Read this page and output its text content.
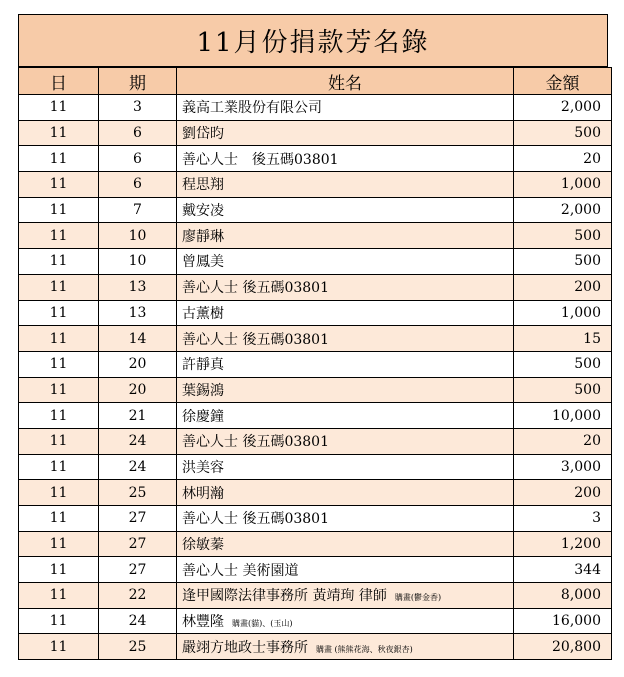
11月份捐款芳名錄
日	期	姓名	金額
11	3	義高工業股份有限公司	2,000
11	6	劉岱昀	500
11	6	善心人士　後五碼03801	20
11	6	程思翔	1,000
11	7	戴安凌	2,000
11	10	廖靜琳	500
11	10	曾鳳美	500
11	13	善心人士 後五碼03801	200
11	13	古薰樹	1,000
11	14	善心人士 後五碼03801	15
11	20	許靜真	500
11	20	葉錫鴻	500
11	21	徐慶鐘	10,000
11	24	善心人士 後五碼03801	20
11	24	洪美容	3,000
11	25	林明瀚	200
11	27	善心人士 後五碼03801	3
11	27	徐敏蓁	1,200
11	27	善心人士 美術園道	344
11	22	逢甲國際法律事務所 黃靖珣 律師 購畫(鬱金香)	8,000
11	24	林豐隆 購畫(貓)、(玉山)	16,000
11	25	嚴翊方地政士事務所 購畫 (熊熊花海、秋夜銀杏)	20,800
